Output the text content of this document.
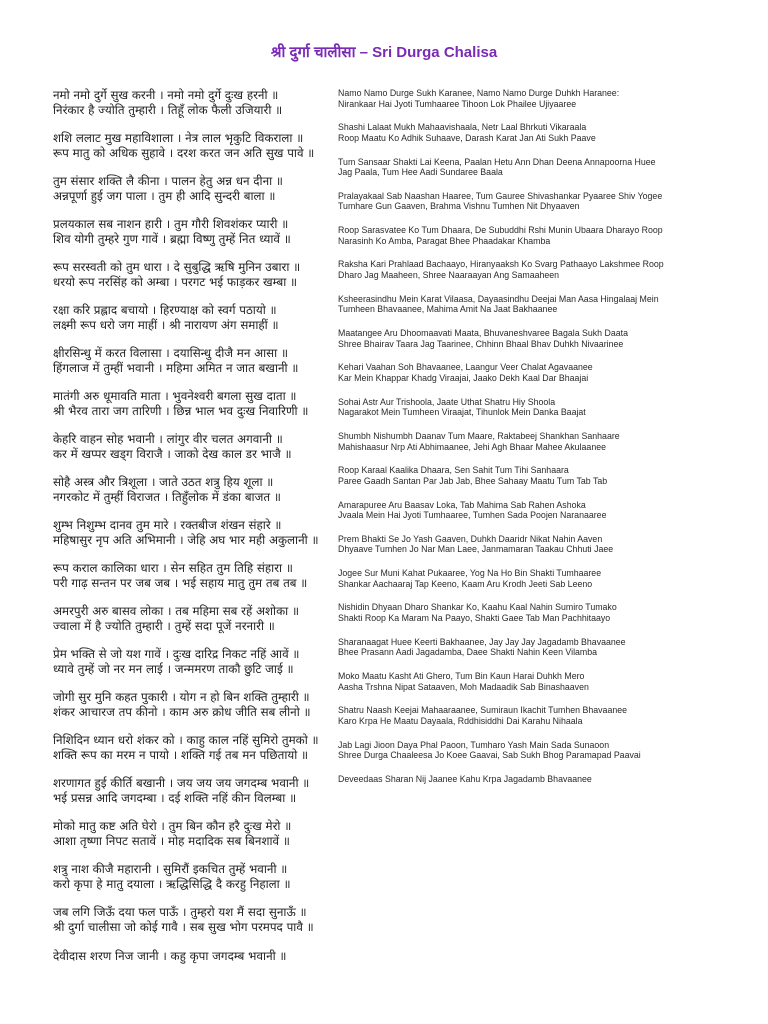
श्री दुर्गा चालीसा – Sri Durga Chalisa
नमो नमो दुर्गे सुख करनी । नमो नमो दुर्गे दुःख हरनी ॥
निरंकार है ज्योति तुम्हारी । तिहूँ लोक फैली उजियारी ॥
शशि ललाट मुख महाविशाला । नेत्र लाल भृकुटि विकराला ॥
रूप मातु को अधिक सुहावे । दरश करत जन अति सुख पावे ॥
तुम संसार शक्ति लै कीना । पालन हेतु अन्न धन दीना ॥
अन्नपूर्णा हुई जग पाला । तुम ही आदि सुन्दरी बाला ॥
प्रलयकाल सब नाशन हारी । तुम गौरी शिवशंकर प्यारी ॥
शिव योगी तुम्हरे गुण गावें । ब्रह्मा विष्णु तुम्हें नित ध्यावें ॥
रूप सरस्वती को तुम धारा । दे सुबुद्धि ऋषि मुनिन उबारा ॥
धरयो रूप नरसिंह को अम्बा । परगट भई फाड़कर खम्बा ॥
रक्षा करि प्रह्लाद बचायो । हिरण्याक्ष को स्वर्ग पठायो ॥
लक्ष्मी रूप धरो जग माहीं । श्री नारायण अंग समाहीं ॥
क्षीरसिन्धु में करत विलासा । दयासिन्धु दीजै मन आसा ॥
हिंगलाज में तुम्हीं भवानी । महिमा अमित न जात बखानी ॥
मातंगी अरु धूमावति माता । भुवनेश्वरी बगला सुख दाता ॥
श्री भैरव तारा जग तारिणी । छिन्न भाल भव दुःख निवारिणी ॥
केहरि वाहन सोह भवानी । लांगुर वीर चलत अगवानी ॥
कर में खप्पर खड्ग विराजै । जाको देख काल डर भाजै ॥
सोहै अस्त्र और त्रिशूला । जाते उठत शत्रु हिय शूला ॥
नगरकोट में तुम्हीं विराजत । तिहुँलोक में डंका बाजत ॥
शुम्भ निशुम्भ दानव तुम मारे । रक्तबीज शंखन संहारे ॥
महिषासुर नृप अति अभिमानी । जेहि अघ भार मही अकुलानी ॥
रूप कराल कालिका धारा । सेन सहित तुम तिहि संहारा ॥
परी गाढ़ सन्तन पर जब जब । भई सहाय मातु तुम तब तब ॥
अमरपुरी अरु बासव लोका । तब महिमा सब रहें अशोका ॥
ज्वाला में है ज्योति तुम्हारी । तुम्हें सदा पूजें नरनारी ॥
प्रेम भक्ति से जो यश गावें । दुःख दारिद्र निकट नहिं आवें ॥
ध्यावे तुम्हें जो नर मन लाई । जन्ममरण ताकौ छुटि जाई ॥
जोगी सुर मुनि कहत पुकारी । योग न हो बिन शक्ति तुम्हारी ॥
शंकर आचारज तप कीनो । काम अरु क्रोध जीति सब लीनो ॥
निशिदिन ध्यान धरो शंकर को । काहु काल नहिं सुमिरो तुमको ॥
शक्ति रूप का मरम न पायो । शक्ति गई तब मन पछितायो ॥
शरणागत हुई कीर्ति बखानी । जय जय जय जगदम्ब भवानी ॥
भई प्रसन्न आदि जगदम्बा । दई शक्ति नहिं कीन विलम्बा ॥
मोको मातु कष्ट अति घेरो । तुम बिन कौन हरै दुःख मेरो ॥
आशा तृष्णा निपट सतावें । मोह मदादिक सब बिनशावें ॥
शत्रु नाश कीजै महारानी । सुमिरौं इकचित तुम्हें भवानी ॥
करो कृपा हे मातु दयाला । ऋद्धिसिद्धि दै करहु निहाला ॥
जब लगि जिऊँ दया फल पाऊँ । तुम्हरो यश मैं सदा सुनाऊँ ॥
श्री दुर्गा चालीसा जो कोई गावै । सब सुख भोग परमपद पावै ॥
देवीदास शरण निज जानी । कहु कृपा जगदम्ब भवानी ॥
Namo Namo Durge Sukh Karanee, Namo Namo Durge Duhkh Haranee:
Nirankaar Hai Jyoti Tumhaaree Tihoon Lok Phailee Ujiyaaree
Shashi Lalaat Mukh Mahaavishaala, Netr Laal Bhrkuti Vikaraala
Roop Maatu Ko Adhik Suhaave, Darash Karat Jan Ati Sukh Paave
Tum Sansaar Shakti Lai Keena, Paalan Hetu Ann Dhan Deena Annapoorna Huee
Jag Paala, Tum Hee Aadi Sundaree Baala
Pralayakaal Sab Naashan Haaree, Tum Gauree Shivashankar Pyaaree Shiv Yogee
Tumhare Gun Gaaven, Brahma Vishnu Tumhen Nit Dhyaaven
Roop Sarasvatee Ko Tum Dhaara, De Subuddhi Rshi Munin Ubaara Dharayo Roop
Narasinh Ko Amba, Paragat Bhee Phaadakar Khamba
Raksha Kari Prahlaad Bachaayo, Hiranyaaksh Ko Svarg Pathaayo Lakshmee Roop
Dharo Jag Maaheen, Shree Naaraayan Ang Samaaheen
Ksheerasindhu Mein Karat Vilaasa, Dayaasindhu Deejai Man Aasa Hingalaaj Mein
Tumheen Bhavaanee, Mahima Amit Na Jaat Bakhaanee
Maatangee Aru Dhoomaavati Maata, Bhuvaneshvaree Bagala Sukh Daata
Shree Bhairav Taara Jag Taarinee, Chhinn Bhaal Bhav Duhkh Nivaarinee
Kehari Vaahan Soh Bhavaanee, Laangur Veer Chalat Agavaanee
Kar Mein Khappar Khadg Viraajai, Jaako Dekh Kaal Dar Bhaajai
Sohai Astr Aur Trishoola, Jaate Uthat Shatru Hiy Shoola
Nagarakot Mein Tumheen Viraajat, Tihunlok Mein Danka Baajat
Shumbh Nishumbh Daanav Tum Maare, Raktabeej Shankhan Sanhaare
Mahishaasur Nrp Ati Abhimaanee, Jehi Agh Bhaar Mahee Akulaanee
Roop Karaal Kaalika Dhaara, Sen Sahit Tum Tihi Sanhaara
Paree Gaadh Santan Par Jab Jab, Bhee Sahaay Maatu Tum Tab Tab
Amarapuree Aru Baasav Loka, Tab Mahima Sab Rahen Ashoka
Jvaala Mein Hai Jyoti Tumhaaree, Tumhen Sada Poojen Naranaaree
Prem Bhakti Se Jo Yash Gaaven, Duhkh Daaridr Nikat Nahin Aaven
Dhyaave Tumhen Jo Nar Man Laee, Janmamaran Taakau Chhuti Jaee
Jogee Sur Muni Kahat Pukaaree, Yog Na Ho Bin Shakti Tumhaaree
Shankar Aachaaraj Tap Keeno, Kaam Aru Krodh Jeeti Sab Leeno
Nishidin Dhyaan Dharo Shankar Ko, Kaahu Kaal Nahin Sumiro Tumako
Shakti Roop Ka Maram Na Paayo, Shakti Gaee Tab Man Pachhitaayo
Sharanaagat Huee Keerti Bakhaanee, Jay Jay Jay Jagadamb Bhavaanee
Bhee Prasann Aadi Jagadamba, Daee Shakti Nahin Keen Vilamba
Moko Maatu Kasht Ati Ghero, Tum Bin Kaun Harai Duhkh Mero
Aasha Trshna Nipat Sataaven, Moh Madaadik Sab Binashaaven
Shatru Naash Keejai Mahaaraanee, Sumiraun Ikachit Tumhen Bhavaanee
Karo Krpa He Maatu Dayaala, Rddhisiddhi Dai Karahu Nihaala
Jab Lagi Jioon Daya Phal Paoon, Tumharo Yash Main Sada Sunaoon
Shree Durga Chaaleesa Jo Koee Gaavai, Sab Sukh Bhog Paramapad Paavai
Deveedaas Sharan Nij Jaanee Kahu Krpa Jagadamb Bhavaanee
